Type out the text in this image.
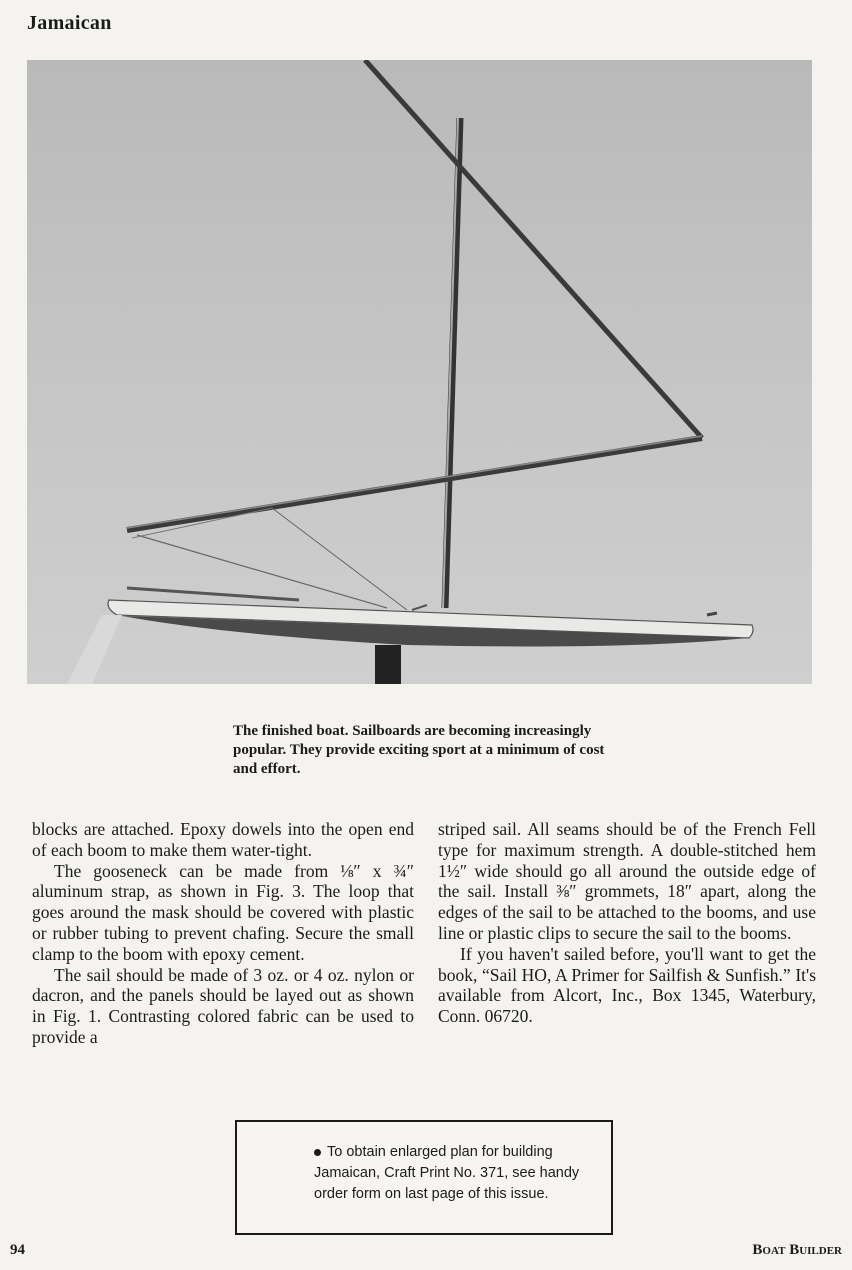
Jamaican
The finished boat. Sailboards are becoming increasingly popular. They provide exciting sport at a minimum of cost and effort.

blocks are attached. Epoxy dowels into the open end of each boom to make them water-tight.

The gooseneck can be made from ⅛″ x ¾″ aluminum strap, as shown in Fig. 3. The loop that goes around the mask should be covered with plastic or rubber tubing to prevent chafing. Secure the small clamp to the boom with epoxy cement.

The sail should be made of 3 oz. or 4 oz. nylon or dacron, and the panels should be layed out as shown in Fig. 1. Contrasting colored fabric can be used to provide a

striped sail. All seams should be of the French Fell type for maximum strength. A double-stitched hem 1½″ wide should go all around the outside edge of the sail. Install ⅜″ grommets, 18″ apart, along the edges of the sail to be attached to the booms, and use line or plastic clips to secure the sail to the booms.

If you haven't sailed before, you'll want to get the book, “Sail HO, A Primer for Sailfish & Sunfish.” It's available from Alcort, Inc., Box 1345, Waterbury, Conn. 06720.

To obtain enlarged plan for building Jamaican, Craft Print No. 371, see handy order form on last page of this issue.
94	Boat Builder
